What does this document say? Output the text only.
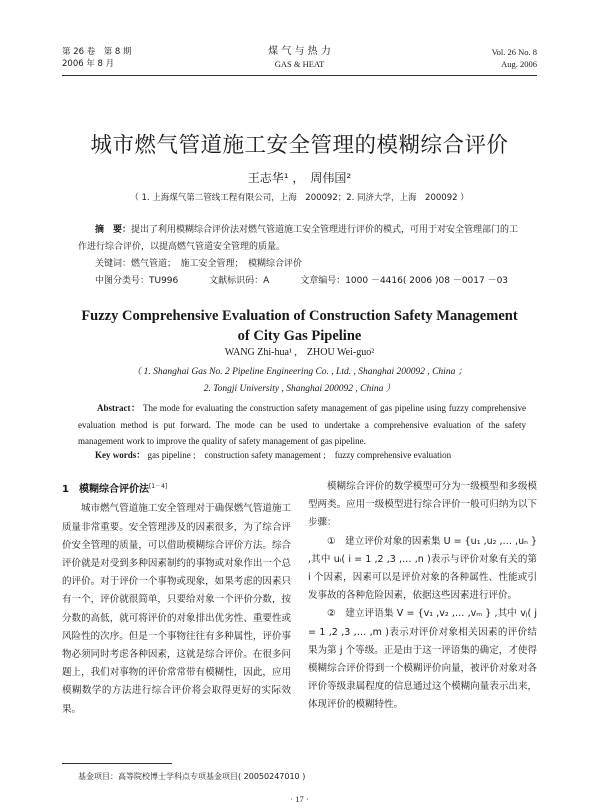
第 26 卷　第 8 期
2006 年 8 月
煤 气 与 热 力
GAS & HEAT
Vol. 26 No. 8
Aug. 2006
城市燃气管道施工安全管理的模糊综合评价
王志华¹ ，　周伟国²
（ 1. 上海煤气第二管线工程有限公司，上海　200092；2. 同济大学，上海　200092 ）
摘　要：提出了利用模糊综合评价法对燃气管道施工安全管理进行评价的模式，可用于对安全管理部门的工作进行综合评价，以提高燃气管道安全管理的质量。
关键词：燃气管道；　施工安全管理；　模糊综合评价
中图分类号：TU996	文献标识码：A	文章编号：1000 －4416( 2006 )08 －0017 －03
Fuzzy Comprehensive Evaluation of Construction Safety Management
of City Gas Pipeline
WANG Zhi-hua¹ ,　ZHOU Wei-guo²
（ 1. Shanghai Gas No. 2 Pipeline Engineering Co. , Ltd. , Shanghai 200092 , China ；
2. Tongji University , Shanghai 200092 , China ）
Abstract： The mode for evaluating the construction safety management of gas pipeline using fuzzy comprehensive evaluation method is put forward. The mode can be used to undertake a comprehensive evaluation of the safety management work to improve the quality of safety management of gas pipeline.
Key words： gas pipeline ;　construction safety management ;　fuzzy comprehensive evaluation
1　模糊综合评价法[1－4]

城市燃气管道施工安全管理对于确保燃气管道施工质量非常重要。安全管理涉及的因素很多，为了综合评价安全管理的质量，可以借助模糊综合评价方法。综合评价就是对受到多种因素制约的事物或对象作出一个总的评价。对于评价一个事物或现象，如果考虑的因素只有一个，评价就很简单，只要给对象一个评价分数，按分数的高低，就可将评价的对象排出优劣性、重要性或风险性的次序。但是一个事物往往有多种属性，评价事物必须同时考虑各种因素，这就是综合评价。在很多问题上，我们对事物的评价常常带有模糊性，因此，应用模糊数学的方法进行综合评价将会取得更好的实际效果。

模糊综合评价的数学模型可分为一级模型和多级模型两类。应用一级模型进行综合评价一般可归纳为以下步骤：

①　建立评价对象的因素集 U = {u₁ ,u₂ ,… ,uₙ } ,其中 uᵢ( i = 1 ,2 ,3 ,… ,n )表示与评价对象有关的第 i 个因素，因素可以是评价对象的各种属性、性能或引发事故的各种危险因素，依据这些因素进行评价。

②　建立评语集 V = {v₁ ,v₂ ,… ,vₘ } ,其中 vⱼ( j = 1 ,2 ,3 ,… ,m )表示对评价对象相关因素的评价结果为第 j 个等级。正是由于这一评语集的确定，才使得模糊综合评价得到一个模糊评价向量，被评价对象对各评价等级隶属程度的信息通过这个模糊向量表示出来，体现评价的模糊特性。

基金项目：高等院校博士学科点专项基金项目( 20050247010 )
· 17 ·
